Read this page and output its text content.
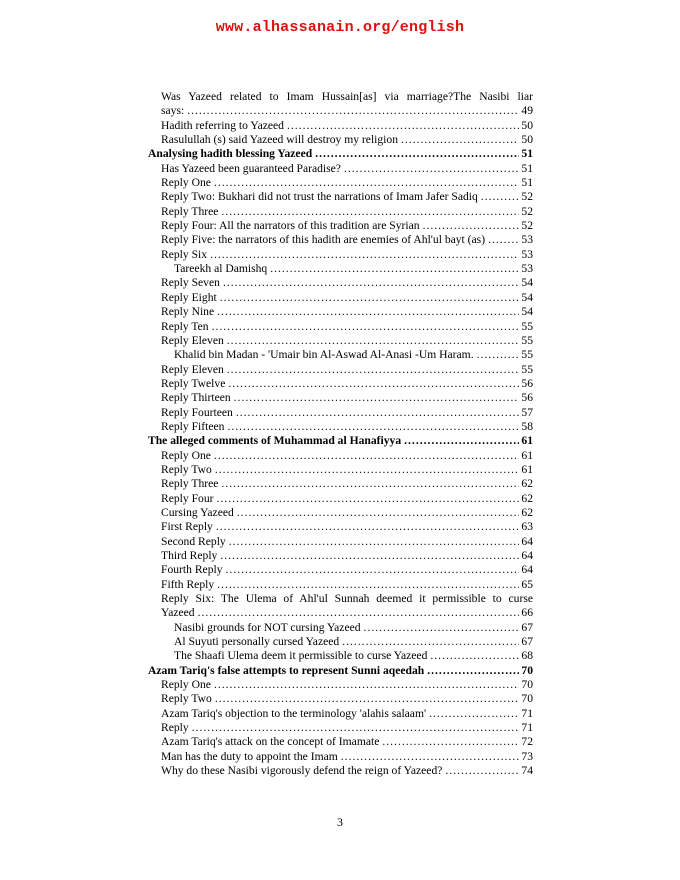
www.alhassanain.org/english
Was Yazeed related to Imam Hussain[as] via marriage?The Nasibi liar
says: .....	49
Hadith referring to Yazeed .....	50
Rasulullah (s) said Yazeed will destroy my religion .....	50
Analysing hadith blessing Yazeed .....	51
Has Yazeed been guaranteed Paradise? .....	51
Reply One .....	51
Reply Two: Bukhari did not trust the narrations of Imam Jafer Sadiq .....	52
Reply Three .....	52
Reply Four: All the narrators of this tradition are Syrian .....	52
Reply Five: the narrators of this hadith are enemies of Ahl'ul bayt (as) .....	53
Reply Six .....	53
Tareekh al Damishq .....	53
Reply Seven .....	54
Reply Eight .....	54
Reply Nine .....	54
Reply Ten .....	55
Reply Eleven .....	55
Khalid bin Madan - 'Umair bin Al-Aswad Al-Anasi -Um Haram. .....	55
Reply Eleven .....	55
Reply Twelve .....	56
Reply Thirteen .....	56
Reply Fourteen .....	57
Reply Fifteen .....	58
The alleged comments of Muhammad al Hanafiyya .....	61
Reply One .....	61
Reply Two .....	61
Reply Three .....	62
Reply Four .....	62
Cursing Yazeed .....	62
First Reply .....	63
Second Reply .....	64
Third Reply .....	64
Fourth Reply .....	64
Fifth Reply .....	65
Reply Six: The Ulema of Ahl'ul Sunnah deemed it permissible to curse
Yazeed .....	66
Nasibi grounds for NOT cursing Yazeed .....	67
Al Suyuti personally cursed Yazeed .....	67
The Shaafi Ulema deem it permissible to curse Yazeed .....	68
Azam Tariq's false attempts to represent Sunni aqeedah .....	70
Reply One .....	70
Reply Two .....	70
Azam Tariq's objection to the terminology 'alahis salaam' .....	71
Reply .....	71
Azam Tariq's attack on the concept of Imamate .....	72
Man has the duty to appoint the Imam .....	73
Why do these Nasibi vigorously defend the reign of Yazeed? .....	74
3
